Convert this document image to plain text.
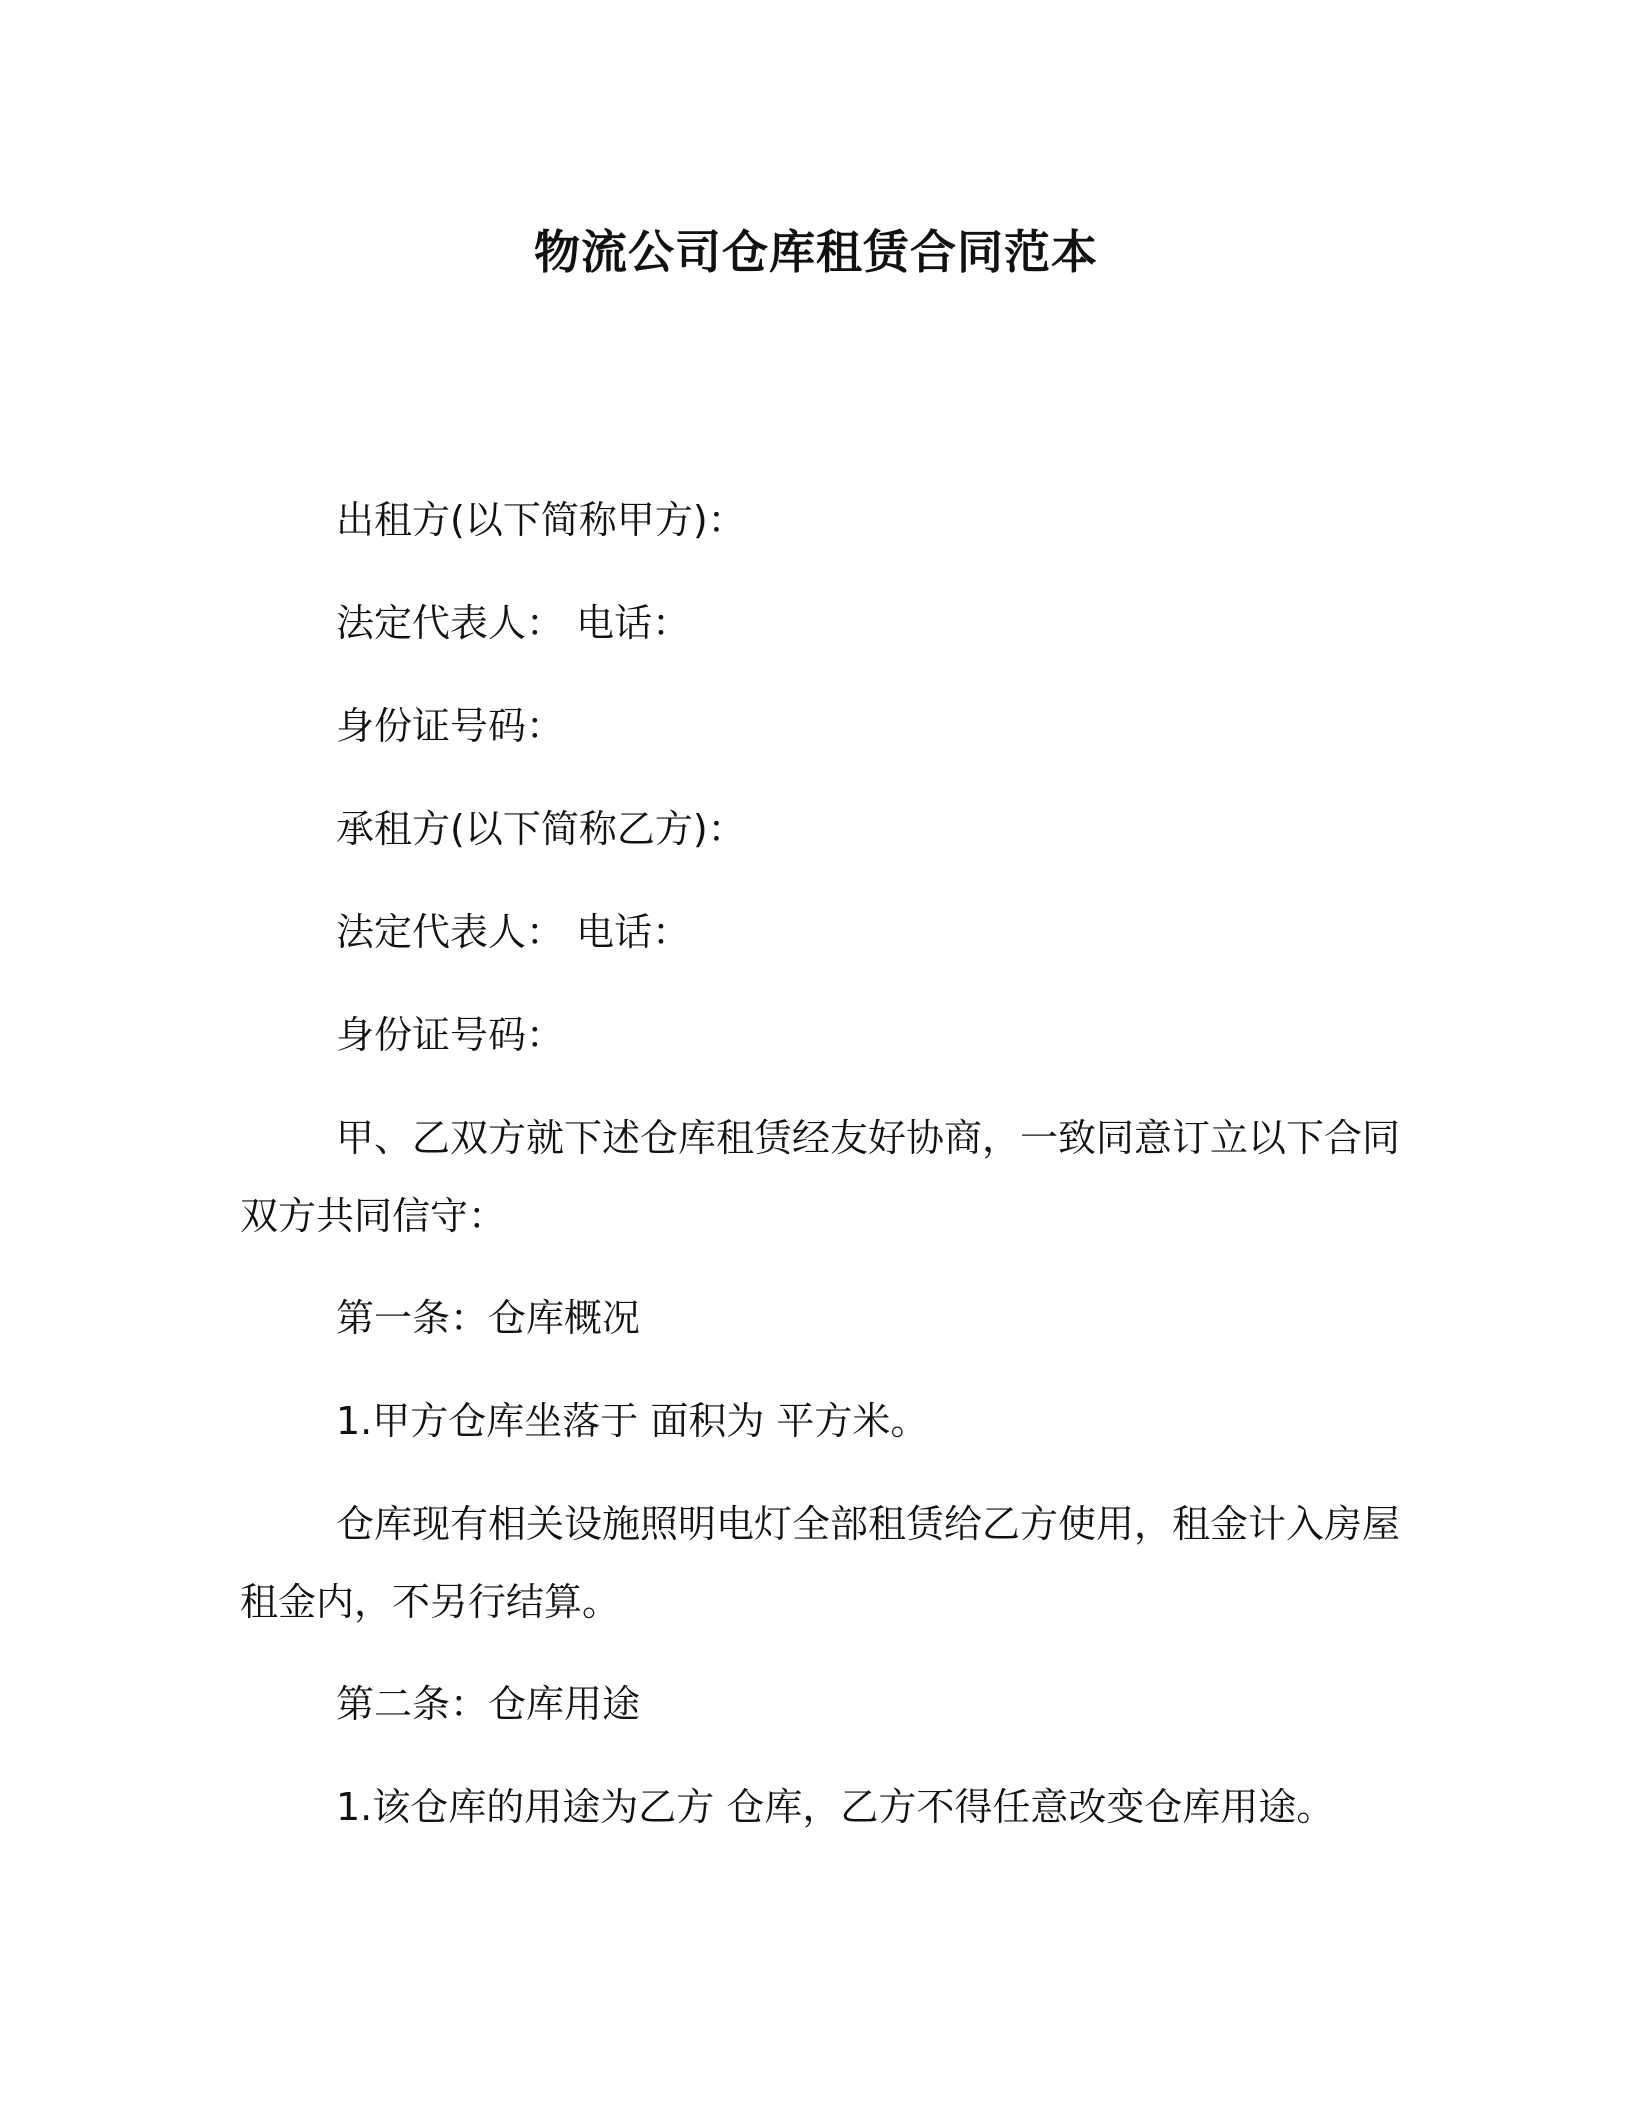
物流公司仓库租赁合同范本
出租方(以下简称甲方)：
法定代表人： 电话：
身份证号码：
承租方(以下简称乙方)：
法定代表人： 电话：
身份证号码：
甲、乙双方就下述仓库租赁经友好协商，一致同意订立以下合同双方共同信守：
第一条：仓库概况
1.甲方仓库坐落于 面积为 平方米。
仓库现有相关设施照明电灯全部租赁给乙方使用，租金计入房屋租金内，不另行结算。
第二条：仓库用途
1.该仓库的用途为乙方 仓库，乙方不得任意改变仓库用途。
